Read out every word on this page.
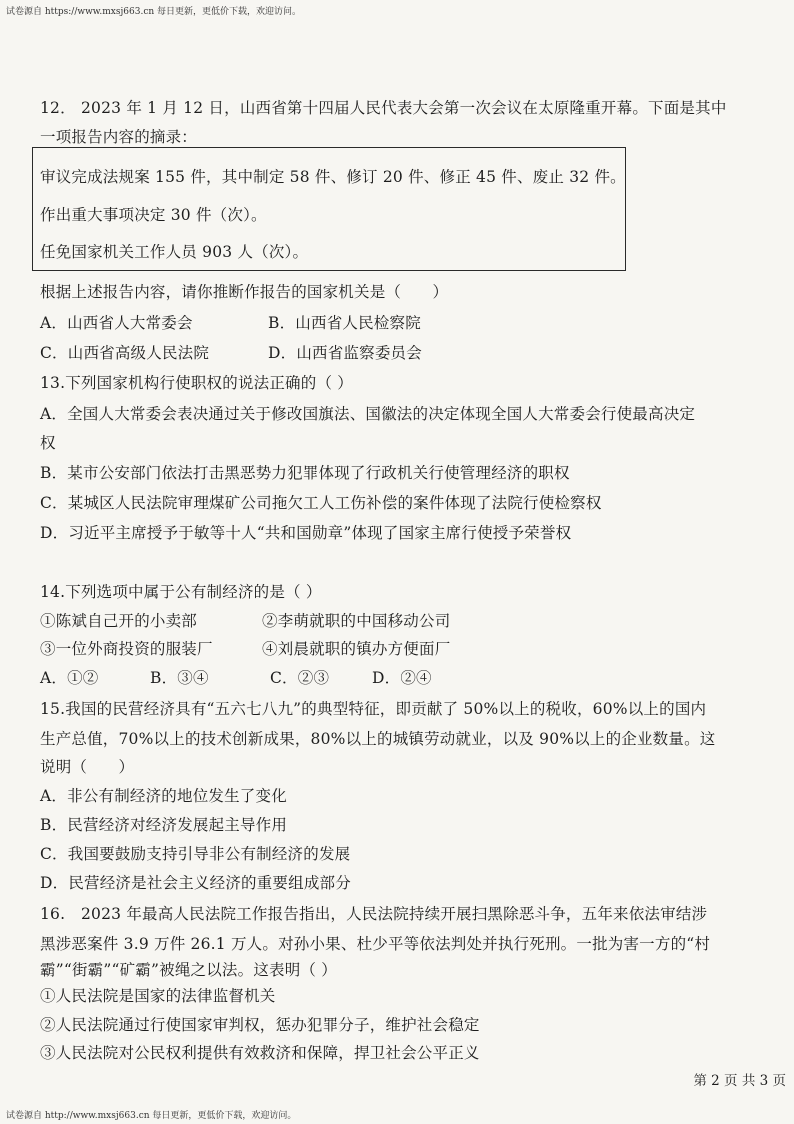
试卷源自 https://www.mxsj663.cn 每日更新，更低价下载，欢迎访问。
12． 2023 年 1 月 12 日，山西省第十四届人民代表大会第一次会议在太原隆重开幕。下面是其中
一项报告内容的摘录：
审议完成法规案 155 件，其中制定 58 件、修订 20 件、修正 45 件、废止 32 件。
作出重大事项决定 30 件（次）。
任免国家机关工作人员 903 人（次）。
根据上述报告内容，请你推断作报告的国家机关是（　　）
A．山西省人大常委会	B．山西省人民检察院
C．山西省高级人民法院	D．山西省监察委员会
13.下列国家机构行使职权的说法正确的（ ）
A．全国人大常委会表决通过关于修改国旗法、国徽法的决定体现全国人大常委会行使最高决定
权
B．某市公安部门依法打击黑恶势力犯罪体现了行政机关行使管理经济的职权
C．某城区人民法院审理煤矿公司拖欠工人工伤补偿的案件体现了法院行使检察权
D．习近平主席授予于敏等十人“共和国勋章”体现了国家主席行使授予荣誉权
14.下列选项中属于公有制经济的是（ ）
①陈斌自己开的小卖部	②李萌就职的中国移动公司
③一位外商投资的服装厂	④刘晨就职的镇办方便面厂
A．①②	B．③④	C．②③	D．②④
15.我国的民营经济具有“五六七八九”的典型特征，即贡献了 50%以上的税收，60%以上的国内
生产总值，70%以上的技术创新成果，80%以上的城镇劳动就业，以及 90%以上的企业数量。这
说明（　　）
A．非公有制经济的地位发生了变化
B．民营经济对经济发展起主导作用
C．我国要鼓励支持引导非公有制经济的发展
D．民营经济是社会主义经济的重要组成部分
16.　2023 年最高人民法院工作报告指出，人民法院持续开展扫黑除恶斗争，五年来依法审结涉
黑涉恶案件 3.9 万件 26.1 万人。对孙小果、杜少平等依法判处并执行死刑。一批为害一方的“村
霸”“街霸”“矿霸”被绳之以法。这表明（ ）
①人民法院是国家的法律监督机关
②人民法院通过行使国家审判权，惩办犯罪分子，维护社会稳定
③人民法院对公民权利提供有效救济和保障，捍卫社会公平正义
第 2 页 共 3 页
试卷源自 http://www.mxsj663.cn 每日更新，更低价下载，欢迎访问。
